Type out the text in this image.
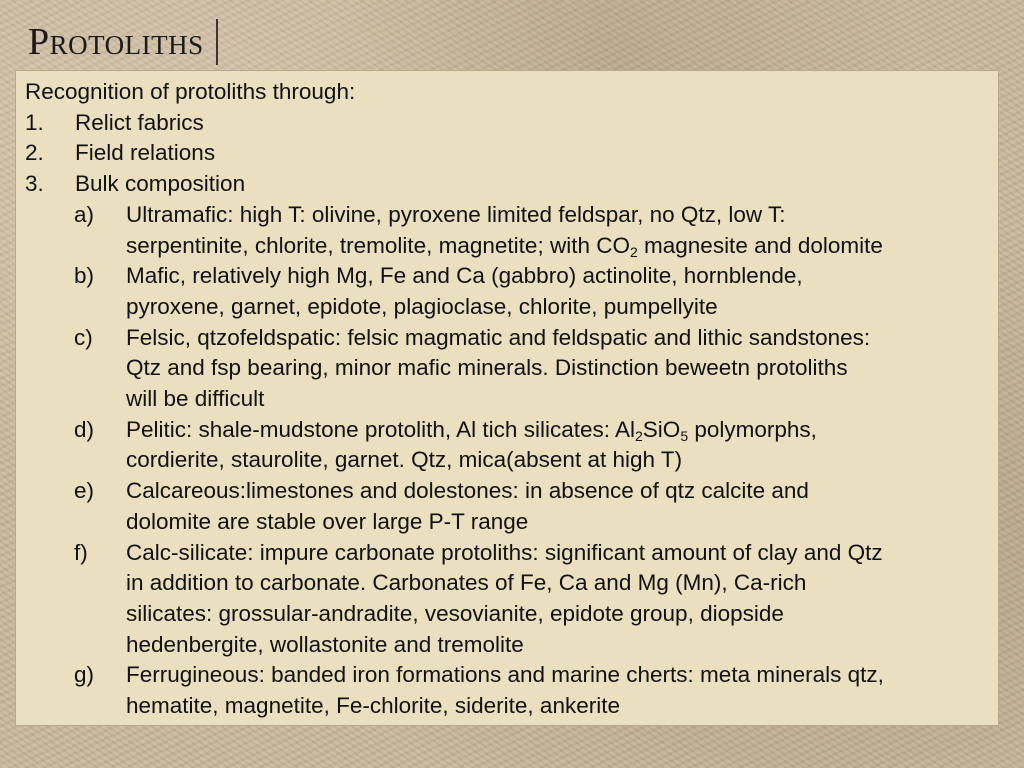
Protoliths
Recognition of protoliths through:
1.	Relict fabrics
2.	Field relations
3.	Bulk composition
a)	Ultramafic: high T: olivine, pyroxene limited feldspar, no Qtz, low T:
serpentinite, chlorite, tremolite, magnetite; with $CO_2$ magnesite and dolomite
b)	Mafic, relatively high Mg, Fe and Ca (gabbro) actinolite, hornblende,
pyroxene, garnet, epidote, plagioclase, chlorite, pumpellyite
c)	Felsic, qtzofeldspatic: felsic magmatic and feldspatic and lithic sandstones:
Qtz and fsp bearing, minor mafic minerals. Distinction beweetn protoliths
will be difficult
d)	Pelitic: shale-mudstone protolith, Al tich silicates: $Al_2SiO_5$ polymorphs,
cordierite, staurolite, garnet. Qtz, mica(absent at high T)
e)	Calcareous:limestones and dolestones: in absence of qtz calcite and
dolomite are stable over large P-T range
f)	Calc-silicate: impure carbonate protoliths: significant amount of clay and Qtz
in addition to carbonate. Carbonates of Fe, Ca and Mg (Mn), Ca-rich
silicates: grossular-andradite, vesovianite, epidote group, diopside
hedenbergite, wollastonite and tremolite
g)	Ferrugineous: banded iron formations and marine cherts: meta minerals qtz,
hematite, magnetite, Fe-chlorite, siderite, ankerite
